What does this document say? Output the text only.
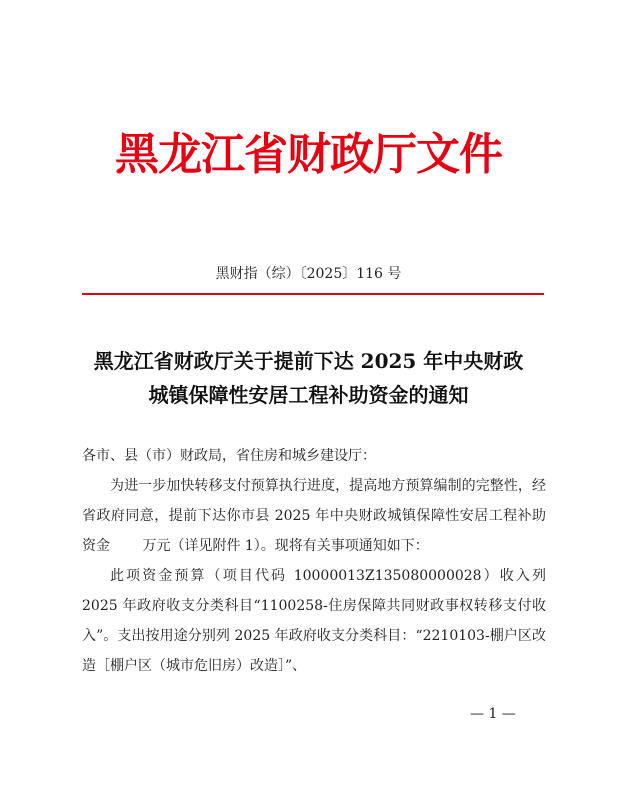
黑龙江省财政厅文件
黑财指（综）〔2025〕116 号
黑龙江省财政厅关于提前下达 2025 年中央财政
城镇保障性安居工程补助资金的通知

各市、县（市）财政局，省住房和城乡建设厅：

为进一步加快转移支付预算执行进度，提高地方预算编制的完整性，经省政府同意，提前下达你市县 2025 年中央财政城镇保障性安居工程补助资金 　　万元（详见附件 1）。现将有关事项通知如下：

此项资金预算（项目代码 10000013Z135080000028）收入列 2025 年政府收支分类科目“1100258-住房保障共同财政事权转移支付收入”。支出按用途分别列 2025 年政府收支分类科目：“2210103-棚户区改造［棚户区（城市危旧房）改造］”、

— 1 —
